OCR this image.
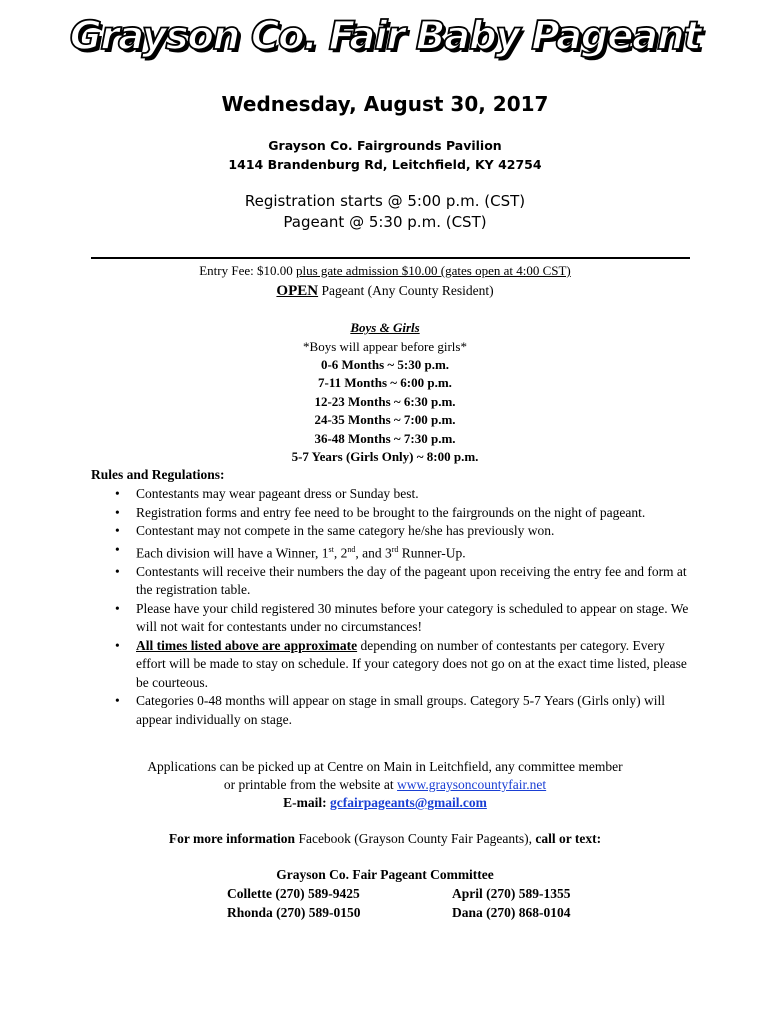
Grayson Co. Fair Baby Pageant
Wednesday, August 30, 2017
Grayson Co. Fairgrounds Pavilion
1414 Brandenburg Rd, Leitchfield, KY 42754
Registration starts @ 5:00 p.m. (CST)
Pageant @ 5:30 p.m. (CST)
Entry Fee: $10.00 plus gate admission $10.00 (gates open at 4:00 CST)
OPEN Pageant (Any County Resident)
Boys & Girls
*Boys will appear before girls*
0-6 Months ~ 5:30 p.m.
7-11 Months ~ 6:00 p.m.
12-23 Months ~ 6:30 p.m.
24-35 Months ~ 7:00 p.m.
36-48 Months ~ 7:30 p.m.
5-7 Years (Girls Only) ~ 8:00 p.m.
Rules and Regulations:
• Contestants may wear pageant dress or Sunday best.
• Registration forms and entry fee need to be brought to the fairgrounds on the night of pageant.
• Contestant may not compete in the same category he/she has previously won.
• Each division will have a Winner, 1st, 2nd, and 3rd Runner-Up.
• Contestants will receive their numbers the day of the pageant upon receiving the entry fee and form at the registration table.
• Please have your child registered 30 minutes before your category is scheduled to appear on stage. We will not wait for contestants under no circumstances!
• All times listed above are approximate depending on number of contestants per category. Every effort will be made to stay on schedule. If your category does not go on at the exact time listed, please be courteous.
• Categories 0-48 months will appear on stage in small groups. Category 5-7 Years (Girls only) will appear individually on stage.
Applications can be picked up at Centre on Main in Leitchfield, any committee member
or printable from the website at www.graysoncountyfair.net
E-mail: gcfairpageants@gmail.com
For more information Facebook (Grayson County Fair Pageants), call or text:
Grayson Co. Fair Pageant Committee
Collette (270) 589-9425	April (270) 589-1355
Rhonda (270) 589-0150	Dana (270) 868-0104
